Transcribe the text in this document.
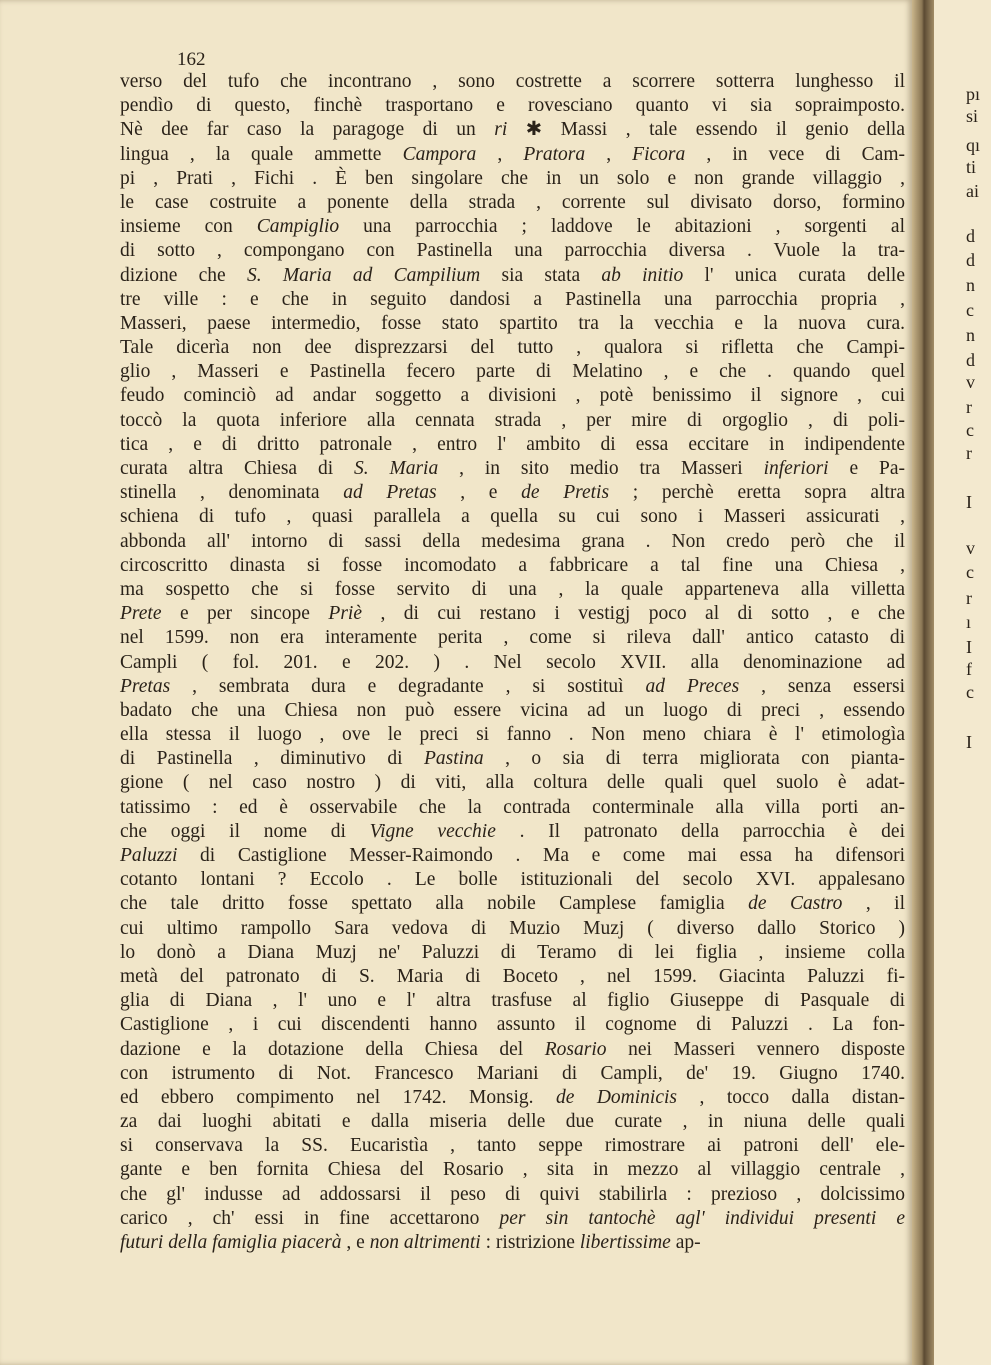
162
verso del tufo che incontrano , sono costrette a scorrere sotterra lunghesso il
pendìo di questo, finchè trasportano e rovesciano quanto vi sia sopraimposto.
Nè dee far caso la paragoge di un ri ✱ Massi , tale essendo il genio della
lingua , la quale ammette Campora , Pratora , Ficora , in vece di Cam-
pi , Prati , Fichi . È ben singolare che in un solo e non grande villaggio ,
le case costruite a ponente della strada , corrente sul divisato dorso, formino
insieme con Campiglio una parrocchia ; laddove le abitazioni , sorgenti al
di sotto , compongano con Pastinella una parrocchia diversa . Vuole la tra-
dizione che S. Maria ad Campilium sia stata ab initio l' unica curata delle
tre ville : e che in seguito dandosi a Pastinella una parrocchia propria ,
Masseri, paese intermedio, fosse stato spartito tra la vecchia e la nuova cura.
Tale dicerìa non dee disprezzarsi del tutto , qualora si rifletta che Campi-
glio , Masseri e Pastinella fecero parte di Melatino , e che . quando quel
feudo cominciò ad andar soggetto a divisioni , potè benissimo il signore , cui
toccò la quota inferiore alla cennata strada , per mire di orgoglio , di poli-
tica , e di dritto patronale , entro l' ambito di essa eccitare in indipendente
curata altra Chiesa di S. Maria , in sito medio tra Masseri inferiori e Pa-
stinella , denominata ad Pretas , e de Pretis ; perchè eretta sopra altra
schiena di tufo , quasi parallela a quella su cui sono i Masseri assicurati ,
abbonda all' intorno di sassi della medesima grana . Non credo però che il
circoscritto dinasta si fosse incomodato a fabbricare a tal fine una Chiesa ,
ma sospetto che si fosse servito di una , la quale apparteneva alla villetta
Prete e per sincope Priè , di cui restano i vestigj poco al di sotto , e che
nel 1599. non era interamente perita , come si rileva dall' antico catasto di
Campli ( fol. 201. e 202. ) . Nel secolo XVII. alla denominazione ad
Pretas , sembrata dura e degradante , si sostituì ad Preces , senza essersi
badato che una Chiesa non può essere vicina ad un luogo di preci , essendo
ella stessa il luogo , ove le preci si fanno . Non meno chiara è l' etimologìa
di Pastinella , diminutivo di Pastina , o sia di terra migliorata con pianta-
gione ( nel caso nostro ) di viti, alla coltura delle quali quel suolo è adat-
tatissimo : ed è osservabile che la contrada conterminale alla villa porti an-
che oggi il nome di Vigne vecchie . Il patronato della parrocchia è dei
Paluzzi di Castiglione Messer-Raimondo . Ma e come mai essa ha difensori
cotanto lontani ? Eccolo . Le bolle istituzionali del secolo XVI. appalesano
che tale dritto fosse spettato alla nobile Camplese famiglia de Castro , il
cui ultimo rampollo Sara vedova di Muzio Muzj ( diverso dallo Storico )
lo donò a Diana Muzj ne' Paluzzi di Teramo di lei figlia , insieme colla
metà del patronato di S. Maria di Boceto , nel 1599. Giacinta Paluzzi fi-
glia di Diana , l' uno e l' altra trasfuse al figlio Giuseppe di Pasquale di
Castiglione , i cui discendenti hanno assunto il cognome di Paluzzi . La fon-
dazione e la dotazione della Chiesa del Rosario nei Masseri vennero disposte
con istrumento di Not. Francesco Mariani di Campli, de' 19. Giugno 1740.
ed ebbero compimento nel 1742. Monsig. de Dominicis , tocco dalla distan-
za dai luoghi abitati e dalla miseria delle due curate , in niuna delle quali
si conservava la SS. Eucaristìa , tanto seppe rimostrare ai patroni dell' ele-
gante e ben fornita Chiesa del Rosario , sita in mezzo al villaggio centrale ,
che gl' indusse ad addossarsi il peso di quivi stabilirla : prezioso , dolcissimo
carico , ch' essi in fine accettarono per sin tantochè agl' individui presenti e
futuri della famiglia piacerà , e non altrimenti : ristrizione libertissime ap-
pı
si
qı
ti
ai
d
d
n
c
n
d
v
r
c
r
I
v
c
r
ı
I
f
c
I
